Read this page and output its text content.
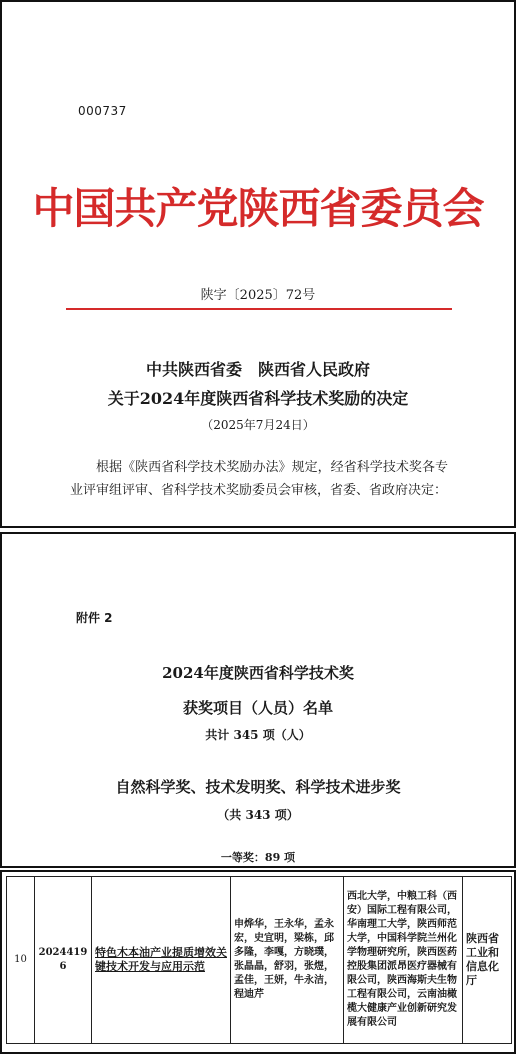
000737
中国共产党陕西省委员会
陕字〔2025〕72号
中共陕西省委　陕西省人民政府
关于2024年度陕西省科学技术奖励的决定
（2025年7月24日）
根据《陕西省科学技术奖励办法》规定，经省科学技术奖各专业评审组评审、省科学技术奖励委员会审核，省委、省政府决定：
附件 2
2024年度陕西省科学技术奖
获奖项目（人员）名单
共计 345 项（人）
自然科学奖、技术发明奖、科学技术进步奖
（共 343 项）
一等奖：89 项
10	20244196	特色木本油产业提质增效关键技术开发与应用示范	申烨华，王永华，孟永宏，史宜明，梁栋，邱多隆，李嘎，方晓璞，张晶晶，舒羽，张煜，孟佳，王妍，牛永洁，程迪芹	西北大学，中粮工科（西安）国际工程有限公司，华南理工大学，陕西师范大学，中国科学院兰州化学物理研究所，陕西医药控股集团派昂医疗器械有限公司，陕西海斯夫生物工程有限公司，云南油橄榄大健康产业创新研究发展有限公司	陕西省工业和信息化厅
